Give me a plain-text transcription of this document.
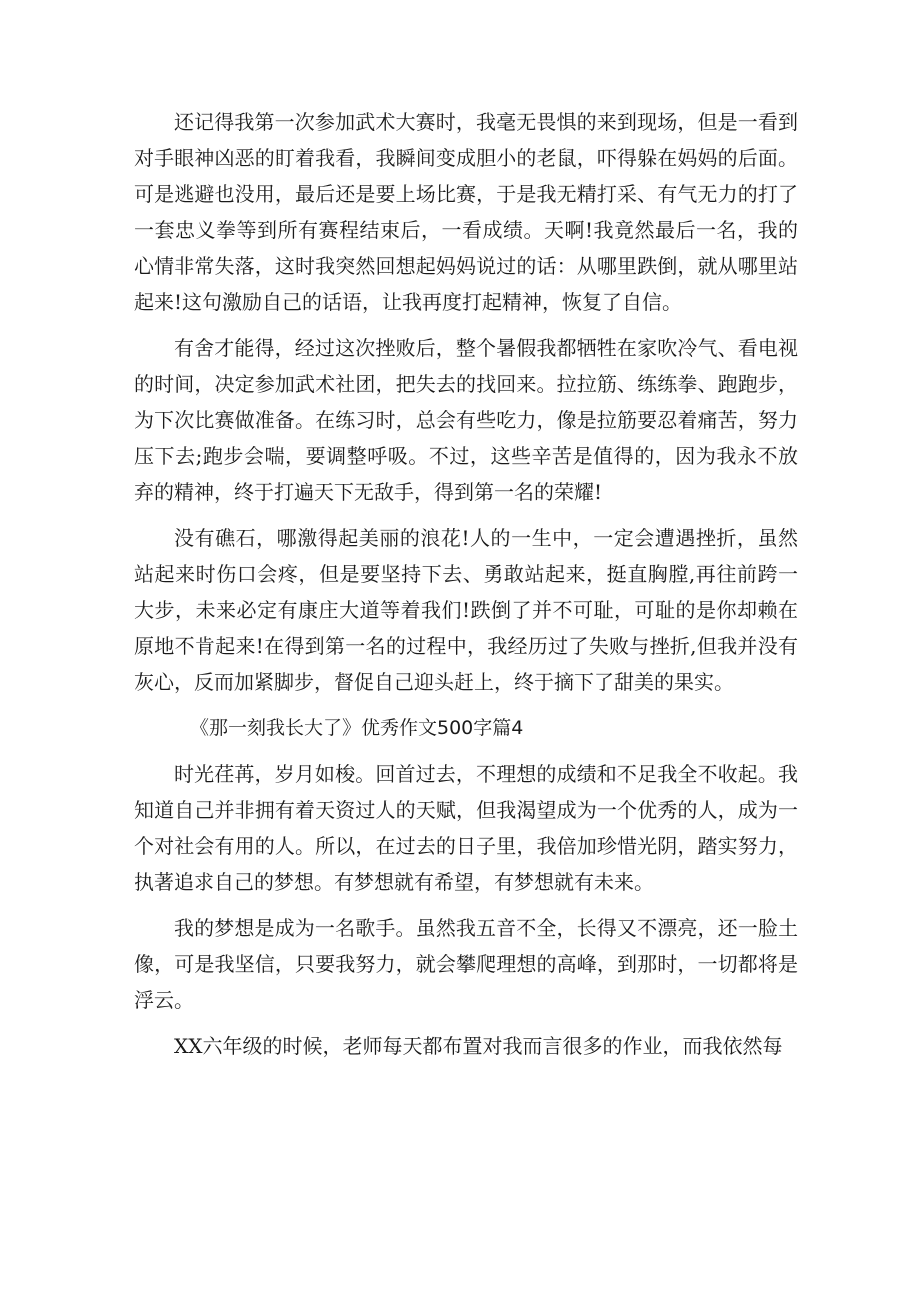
还记得我第一次参加武术大赛时，我毫无畏惧的来到现场，但是一看到对手眼神凶恶的盯着我看，我瞬间变成胆小的老鼠，吓得躲在妈妈的后面。可是逃避也没用，最后还是要上场比赛，于是我无精打采、有气无力的打了一套忠义拳等到所有赛程结束后，一看成绩。天啊!我竟然最后一名，我的心情非常失落，这时我突然回想起妈妈说过的话：从哪里跌倒，就从哪里站起来!这句激励自己的话语，让我再度打起精神，恢复了自信。

有舍才能得，经过这次挫败后，整个暑假我都牺牲在家吹冷气、看电视的时间，决定参加武术社团，把失去的找回来。拉拉筋、练练拳、跑跑步，为下次比赛做准备。在练习时，总会有些吃力，像是拉筋要忍着痛苦，努力压下去;跑步会喘，要调整呼吸。不过，这些辛苦是值得的，因为我永不放弃的精神，终于打遍天下无敌手，得到第一名的荣耀!

没有礁石，哪激得起美丽的浪花!人的一生中，一定会遭遇挫折，虽然站起来时伤口会疼，但是要坚持下去、勇敢站起来，挺直胸膛,再往前跨一大步，未来必定有康庄大道等着我们!跌倒了并不可耻，可耻的是你却赖在原地不肯起来!在得到第一名的过程中，我经历过了失败与挫折,但我并没有灰心，反而加紧脚步，督促自己迎头赶上，终于摘下了甜美的果实。

《那一刻我长大了》优秀作文500字篇4

时光荏苒，岁月如梭。回首过去，不理想的成绩和不足我全不收起。我知道自己并非拥有着天资过人的天赋，但我渴望成为一个优秀的人，成为一个对社会有用的人。所以，在过去的日子里，我倍加珍惜光阴，踏实努力，执著追求自己的梦想。有梦想就有希望，有梦想就有未来。

我的梦想是成为一名歌手。虽然我五音不全，长得又不漂亮，还一脸土像，可是我坚信，只要我努力，就会攀爬理想的高峰，到那时，一切都将是浮云。

XX六年级的时候，老师每天都布置对我而言很多的作业，而我依然每
